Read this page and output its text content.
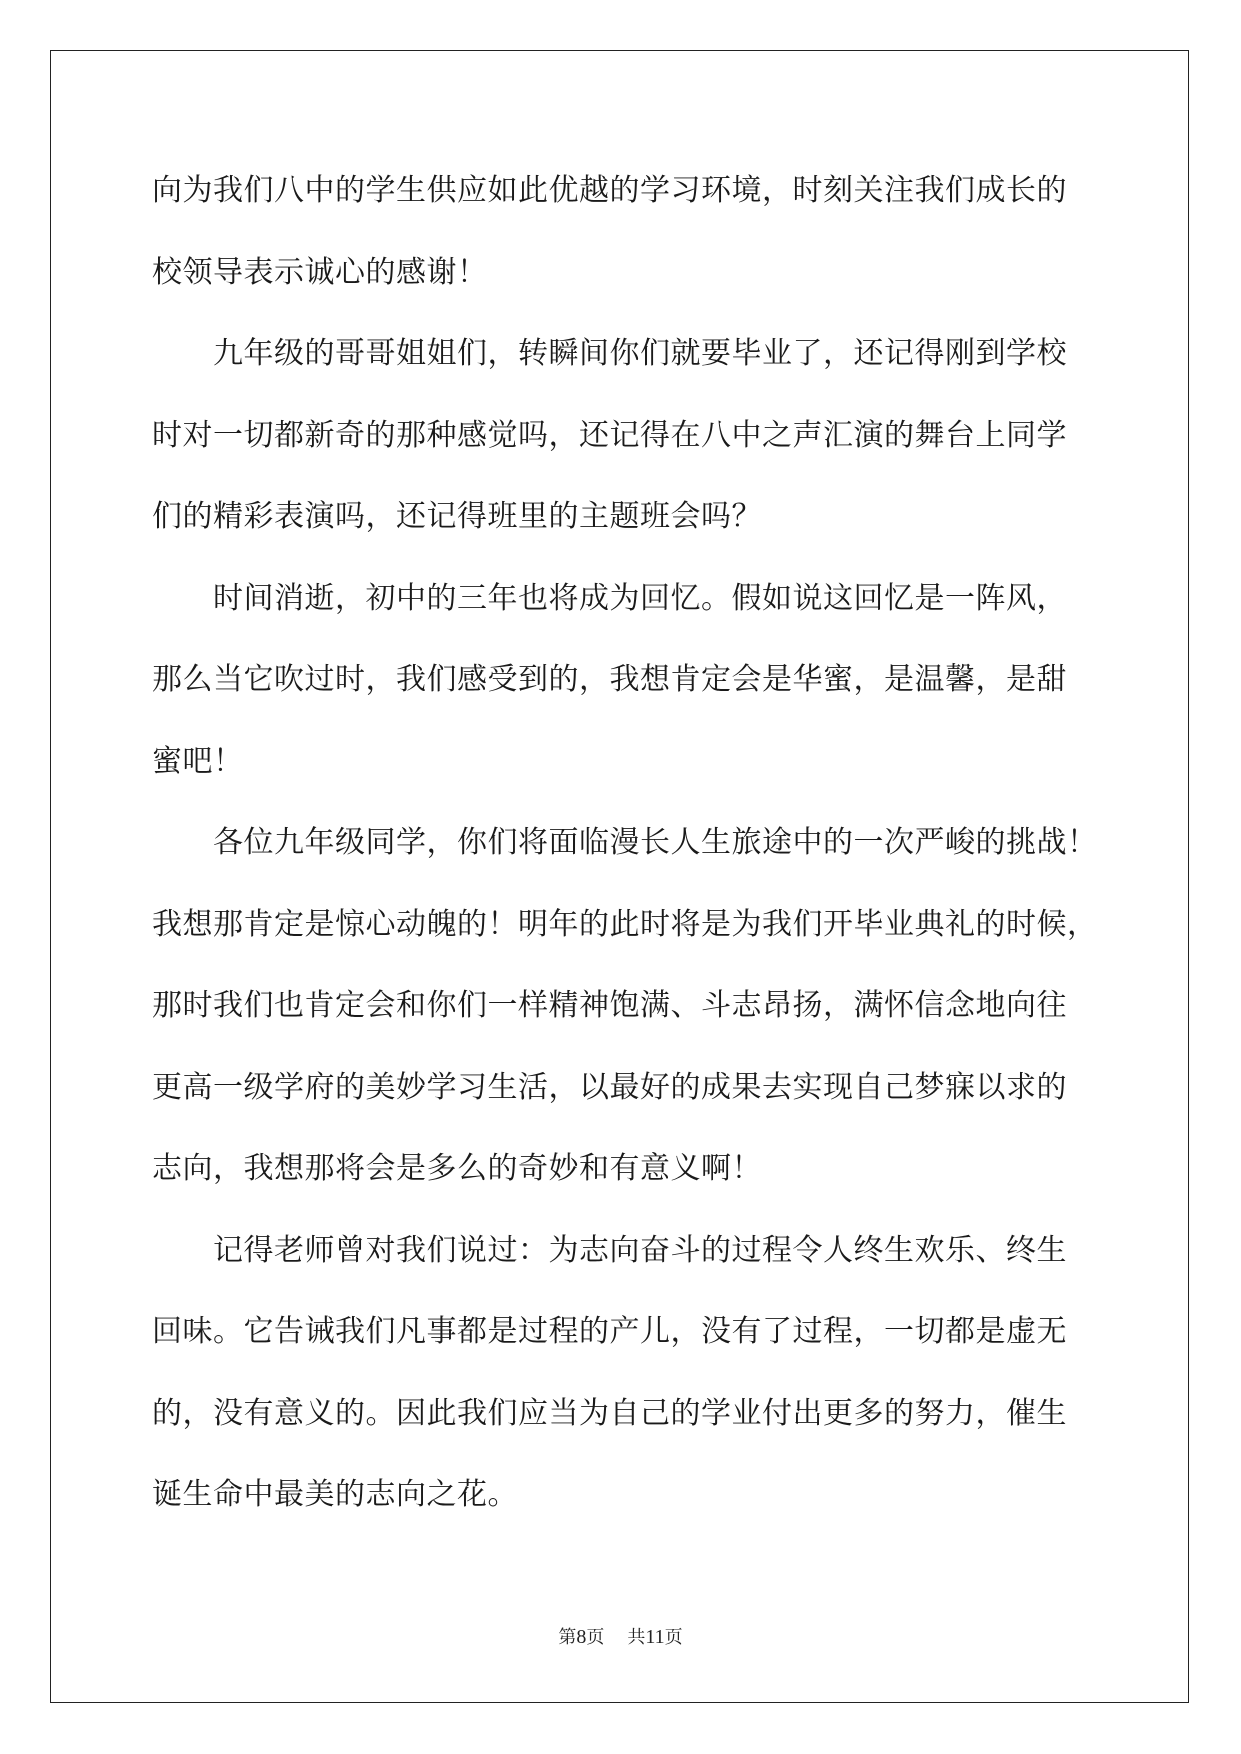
向为我们八中的学生供应如此优越的学习环境，时刻关注我们成长的
校领导表示诚心的感谢！
九年级的哥哥姐姐们，转瞬间你们就要毕业了，还记得刚到学校
时对一切都新奇的那种感觉吗，还记得在八中之声汇演的舞台上同学
们的精彩表演吗，还记得班里的主题班会吗？
时间消逝，初中的三年也将成为回忆。假如说这回忆是一阵风，
那么当它吹过时，我们感受到的，我想肯定会是华蜜，是温馨，是甜
蜜吧！
各位九年级同学，你们将面临漫长人生旅途中的一次严峻的挑战！
我想那肯定是惊心动魄的！明年的此时将是为我们开毕业典礼的时候，
那时我们也肯定会和你们一样精神饱满、斗志昂扬，满怀信念地向往
更高一级学府的美妙学习生活，以最好的成果去实现自己梦寐以求的
志向，我想那将会是多么的奇妙和有意义啊！
记得老师曾对我们说过：为志向奋斗的过程令人终生欢乐、终生
回味。它告诫我们凡事都是过程的产儿，没有了过程，一切都是虚无
的，没有意义的。因此我们应当为自己的学业付出更多的努力，催生
诞生命中最美的志向之花。
第8页 共11页
